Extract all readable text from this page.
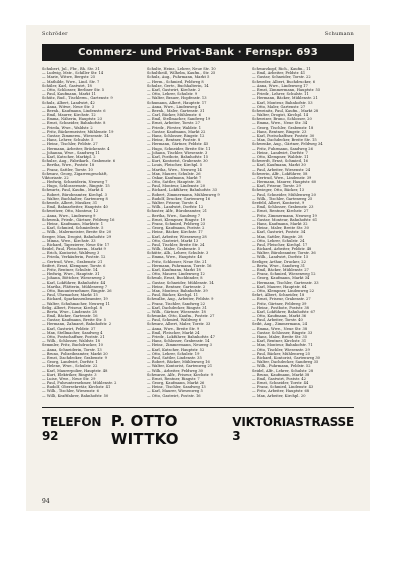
Schröder	Schumann
Commerz- und Privat-Bank · Fernspr. 693
Schubert, Jul., Fbr., Bh. Str. 31
— Ludwig, Mstr., Schiller Str. 14
— Marie, Witwe, Bergstr. 25
— Mathilde, Wwe., Lind. Str. 7
Schüler, Karl, Gastwirt, 18
— Otto, Schlosser, Berliner Str. 5
— Paul, Kaufmann, Markt 11
Schütz, Rud., Tischlerm., Gartenstr. 9
Schulz, Albert, Landwirt, 42
— Anna, Witwe, Neue Str. 3
— Bernh., Kaufmann, Lindenstr. 6
— Emil, Maurer, Kirchstr. 12
— Emma, Näherin, Hauptstr. 23
— Ernst, Schneider, Bahnhofstr. 8
— Frieda, Wwe., Waldstr. 2
— Fritz, Bäckermeister, Mühlenstr. 19
— Gustav, Zimmerm., Wiesenstr. 14
— Hans, Lehrer, Schulstr. 5
— Heinr., Tischler, Feldstr. 27
— Hermann, Arbeiter, Brückenstr. 4
— Johanna, Wwe., Sandweg 11
— Karl, Kutscher, Marktpl. 2
Schulze, Aug., Fabrikarb., Grabenstr. 6
— Bertha, Wwe., Poststr. 18
— Franz, Sattler, Torstr. 10
Schwarz, Georg, Zigarrengeschäft,
Viktoriastr. 22
— Hedwig, Schneiderin, Neuweg 7
— Hugo, Schlossermstr., Ringstr. 15
Schwartz, Paul, Kaufm., Markt 4
— Robert, Bürobeamter, Kirchpl. 3
— Walter, Buchhalter, Gartenweg 8
Schwede, Albert, Musiker, 31
— Emil, Bahnarbeiter, Hauptstr. 40
Schweitzer, Otto, Monteur, 12
— Anna, Wwe., Lindenweg 9
Schwenk, Friedr., Gärtner, Feldweg 16
— Heinr., Kaufmann, Marktstr. 1
— Karl, Schmied, Schmiedestr. 5
— Wilh., Malermeister, Breite Str. 20
Seeger, Max, Drogist, Bahnhofstr. 29
— Minna, Wwe., Kirchstr. 33
— Richard, Tapezierer, Neue Str. 17
Seidel, Paul, Fleischerm., Markt 9
— Erich, Kontorist, Waldweg 3
— Frieda, Verkäuferin, Poststr. 12
— Gertrud, Wwe., Grabenstr. 21
Seifert, Ernst, Klempner, Torstr. 6
— Fritz, Rentner, Schulstr. 14
— Hedwig, Wwe., Hauptstr. 31
— Johann, Böttcher, Wiesenweg 2
— Karl, Lokführer, Bahnhofstr. 44
— Martha, Plätterin, Mühlenweg 7
— Otto, Bauunternehmer, Ringstr. 26
— Paul, Uhrmacher, Markt 15
— Richard, Sparkassenbeamter, 19
— Walter, Schuhmacher, Neuweg 11
Selig, Albert, Friseur, Kirchpl. 8
— Berta, Wwe., Lindenstr. 28
— Emil, Bäcker, Gartenstr. 16
— Gustav, Kaufmann, Breite Str. 5
— Hermann, Zahnarzt, Bahnhofstr. 2
— Karl, Gastwirt, Feldstr. 37
— Max, Stellmacher, Sandweg 4
— Otto, Postschaffner, Poststr. 21
— Wilh., Schlosser, Waldstr. 18
Semmler, Fritz, Buchdrucker, 10
— Anna, Schneiderin, Torstr. 13
— Bruno, Polizeibeamter, Markt 20
— Ernst, Dachdecker, Grabenstr. 9
— Georg, Landwirt, Dorfstr. 1
— Helene, Wwe., Schulstr. 22
— Karl, Maurerpolier, Hauptstr. 48
— Kurt, Elektriker, Ringstr. 3
— Luise, Wwe., Neue Str. 29
— Paul, Fuhrunternehmer, Mühlenstr. 2
— Rudolf, Obersekretär, Kirchstr. 41
— Wilh., Tischler, Wiesenstr. 6
— Willi, Kraftfahrer, Bahnhofstr. 50
Schulte, Heinr., Lehrer, Neue Str. 10
Schultheiß, Wilhelm, Kaufm., Str. 25
Schulz, Aug., Fuhrmann, Markt 5
— Herm., Schmied, Feldweg 8
Schulze, Gertr., Buchhalterin, 14
— Karl, Gastwirt, Kirchstr. 2
— Otto, Lehrer, Schulstr. 9
— Walter, Brauer, Hopfenstr. 13
Schumann, Albert, Hauptstr. 17
— Anna, Wwe., Lindenweg 4
— Bernh., Maler, Gartenstr. 31
— Carl, Bäcker, Mühlenstr. 6
— Emil, Stellmacher, Sandweg 19
— Ernst, Arbeiter, Torstr. 27
— Friedr., Förster, Waldstr. 1
— Gustav, Kaufmann, Markt 22
— Hans, Schlosser, Ringstr. 12
— Heinr., Rentner, Poststr. 8
— Hermann, Gärtner, Feldstr. 45
— Hugo, Schneider, Breite Str. 11
— Johann, Tischler, Wiesenstr. 3
— Karl, Postbote, Bahnhofstr. 15
— Kurt, Kontorist, Grabenstr. 30
— Louis, Fleischer, Kirchpl. 5
— Martha, Wwe., Neuweg 14
— Max, Maurer, Schulstr. 26
— Oskar, Kaufmann, Markt 7
— Otto, Sattler, Hauptstr. 38
— Paul, Monteur, Lindenstr. 20
— Richard, Lokführer, Bahnhofstr. 33
— Robert, Zimmermann, Mühlenweg 9
— Rudolf, Drucker, Gartenweg 16
— Walter, Friseur, Torstr. 4
— Wilh., Landwirt, Dorfstr. 12
Schuster, Alfr., Bürobeamter, 21
— Bertha, Wwe., Sandweg 7
— Ernst, Klempner, Ringstr. 19
— Franz, Schmied, Feldweg 23
— Georg, Kaufmann, Poststr. 2
— Heinr., Bäcker, Kirchstr. 17
— Karl, Arbeiter, Wiesenweg 28
— Otto, Gastwirt, Markt 13
— Paul, Tischler, Breite Str. 24
— Wilh., Maler, Grabenstr. 5
Schütte, Alb., Lehrer, Schulstr. 3
— Emma, Wwe., Hauptstr. 46
— Fritz, Schlosser, Neue Str. 21
— Hermann, Fuhrmann, Torstr. 16
— Karl, Kaufmann, Markt 18
— Otto, Maurer, Lindenweg 12
Schwab, Ernst, Buchbinder, 8
— Gustav, Schneider, Mühlenstr. 14
— Heinr., Rentner, Gartenstr. 2
— Max, Monteur, Bahnhofstr. 39
— Paul, Bäcker, Kirchpl. 11
Schwalbe, Aug., Arbeiter, Feldstr. 9
— Franz, Tischler, Sandweg 22
— Karl, Dachdecker, Ringstr. 31
— Wilh., Gärtner, Wiesenstr. 18
Schwanke, Otto, Kaufm., Poststr. 27
— Paul, Schmied, Waldweg 6
Schwarz, Albert, Maler, Torstr. 33
— Anna, Wwe., Breite Str. 9
— Emil, Fleischer, Markt 24
— Friedr., Lokführer, Bahnhofstr. 47
— Hans, Schlosser, Grabenstr. 14
— Heinr., Zimmermann, Neuweg 3
— Karl, Kutscher, Hauptstr. 52
— Otto, Lehrer, Schulstr. 19
— Paul, Sattler, Lindenstr. 35
— Robert, Bäcker, Mühlenweg 16
— Walter, Kontorist, Gartenweg 21
— Wilh., Arbeiter, Feldweg 30
Schwarze, Alfr., Friseur, Kirchstr. 9
— Ernst, Rentner, Ringstr. 7
— Georg, Kaufmann, Markt 26
— Heinr., Tischler, Sandweg 13
— Karl, Maurer, Wiesenweg 5
— Otto, Gastwirt, Poststr. 16
Schwarzkopf, Rich., Kaufm., 11
— Emil, Arbeiter, Feldstr. 41
— Gustav, Schneider, Torstr. 22
Schweder, Albert, Buchdrucker, 6
— Anna, Wwe., Lindenweg 17
— Ernst, Zimmermann, Hauptstr. 55
— Friedr., Lehrer, Schulstr. 11
— Hermann, Bäcker, Mühlenstr. 21
— Karl, Monteur, Bahnhofstr. 53
— Otto, Maler, Gartenstr. 27
Schweinitz, Paul, Kaufm., Markt 28
— Walter, Drogist, Kirchpl. 14
Schweizer, Bruno, Schlosser, 20
— Emma, Wwe., Neue Str. 34
— Georg, Tischler, Grabenstr. 18
— Hans, Rentner, Ringstr. 23
— Karl, Postschaffner, Poststr. 30
— Max, Dachdecker, Breite Str. 15
Schwenke, Aug., Gärtner, Feldweg 34
— Fritz, Fuhrmann, Sandweg 26
— Heinr., Landwirt, Dorfstr. 7
— Otto, Klempner, Waldstr. 11
Schwerdt, Ernst, Schmied, 16
— Karl, Kaufmann, Markt 30
— Paul, Arbeiter, Wiesenstr. 24
Schwerin, Alfr., Lokführer, 58
— Gertrud, Wwe., Lindenstr. 39
— Hermann, Maurer, Hauptstr. 60
— Karl, Friseur, Torstr. 29
Schwieger, Otto, Bäcker, 13
— Paul, Schneider, Mühlenweg 20
— Wilh., Tischler, Gartenweg 25
Seefeld, Albert, Kontorist, 9
— Emil, Schlosser, Grabenstr. 23
— Ernst, Rentner, Kirchstr. 27
— Fritz, Zimmermann, Neuweg 19
— Gustav, Monteur, Bahnhofstr. 61
— Hans, Kaufmann, Markt 32
— Heinr., Maler, Breite Str. 30
— Karl, Gastwirt, Poststr. 34
— Max, Sattler, Ringstr. 28
— Otto, Lehrer, Schulstr. 24
— Paul, Fleischer, Kirchpl. 17
— Richard, Arbeiter, Feldstr. 48
— Walter, Bürobeamter, Torstr. 36
— Wilh., Landwirt, Dorfstr. 15
Seeliger, Arthur, Drucker, 22
— Berta, Wwe., Sandweg 31
— Emil, Bäcker, Mühlenstr. 27
— Franz, Schmied, Wiesenweg 12
— Georg, Kaufmann, Markt 34
— Hermann, Tischler, Gartenstr. 33
— Karl, Maurer, Hauptstr. 64
— Otto, Klempner, Lindenweg 22
Sehrt, Albert, Schneider, 18
— Ernst, Friseur, Grabenstr. 27
— Fritz, Gärtner, Feldweg 39
— Heinr., Postbote, Poststr. 38
— Karl, Lokführer, Bahnhofstr. 67
— Otto, Kaufmann, Markt 36
— Paul, Arbeiter, Torstr. 40
Seibt, Aug., Zimmermann, 24
— Emma, Wwe., Neue Str. 38
— Gustav, Schlosser, Ringstr. 33
— Hans, Maler, Breite Str. 35
— Karl, Rentner, Kirchstr. 31
— Max, Monteur, Bahnhofstr. 71
— Otto, Tischler, Wiesenstr. 29
— Paul, Bäcker, Mühlenweg 25
— Richard, Kontorist, Gartenweg 30
— Walter, Dachdecker, Sandweg 35
— Wilh., Fuhrmann, Feldstr. 52
Seidel, Alfr., Lehrer, Schulstr. 28
— Bruno, Kaufmann, Markt 38
— Emil, Gastwirt, Poststr. 42
— Ernst, Schneider, Torstr. 44
— Franz, Schmied, Lindenstr. 43
— Fritz, Arbeiter, Hauptstr. 68
— Max, Arbeiter, Kirchpl. 20
TELEFON 92
P. OTTO WITTKO
VIKTORIASTRASSE 3
94
